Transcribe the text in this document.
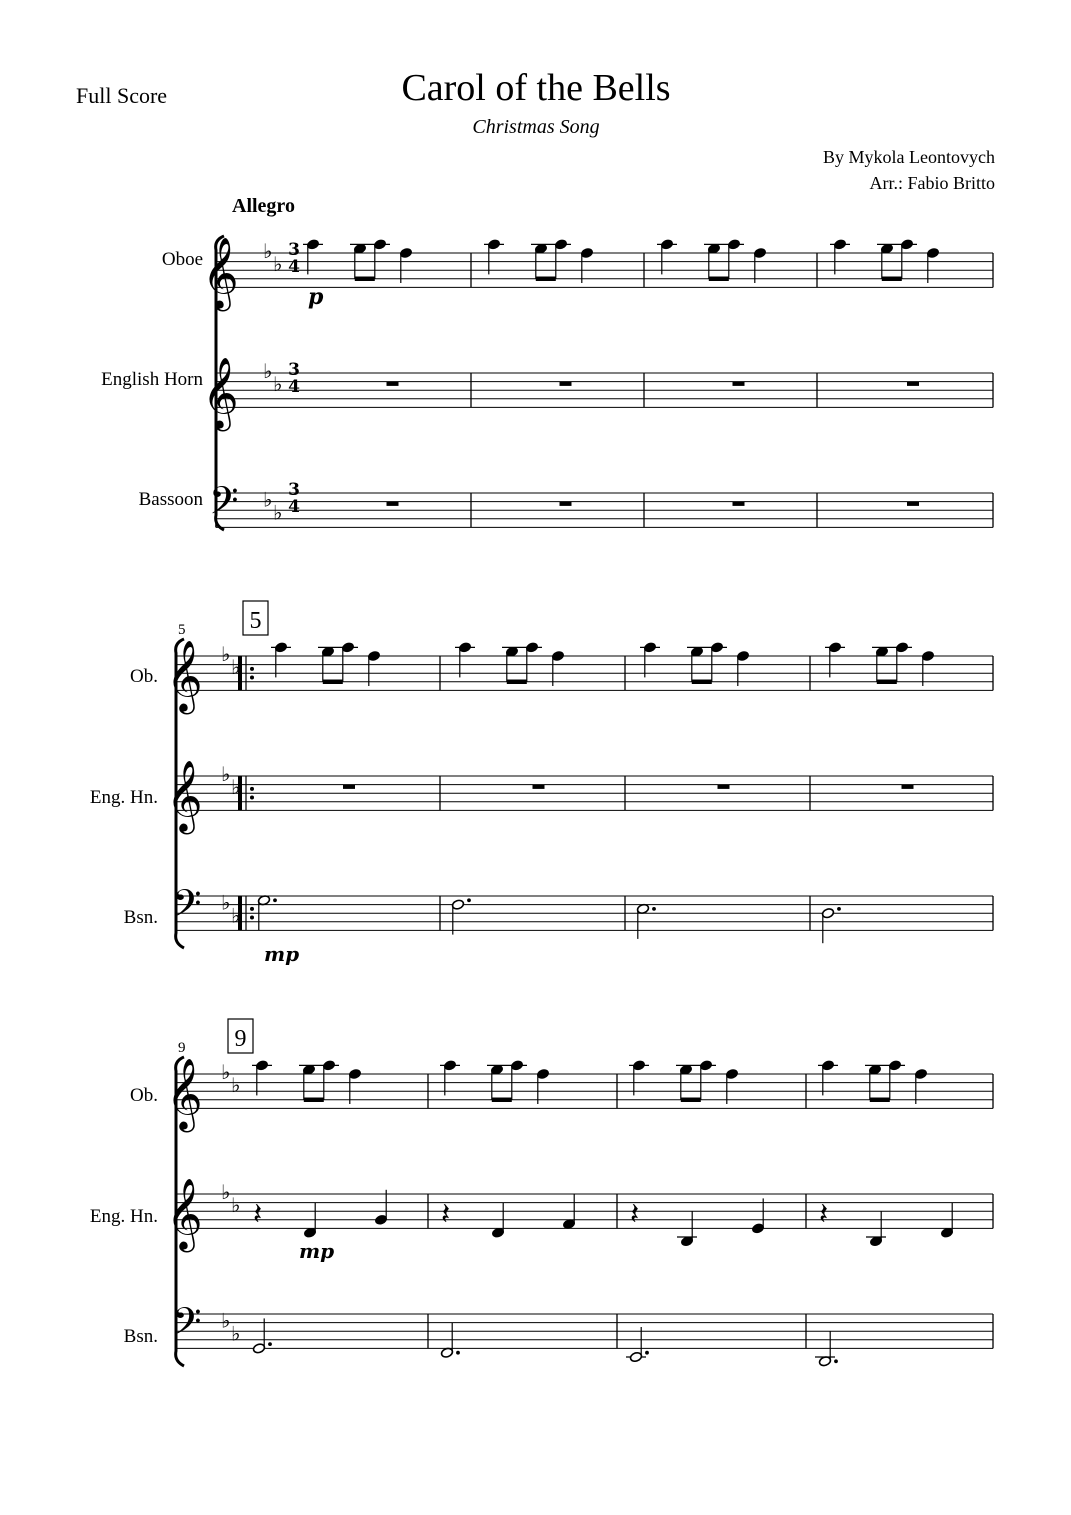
Full Score	Carol of the Bells
Christmas Song
By Mykola Leontovych
Arr.: Fabio Britto
Allegro
Oboe
English Horn
Bassoon
Ob.
Eng. Hn.
Bsn.
Ob.
Eng. Hn.
Bsn.
5	5
9 9
p
mp
mp
3
4
3
4
3
4
𝄞 ♭
♭
𝄞 ♭
♭
𝄢 ♭
♭
𝄞 ♭
♭
𝄞 ♭
♭
𝄢 ♭
♭
𝄞 ♭
♭
𝄞 ♭
♭
𝄢 ♭
♭
𝄽	𝄽	𝄽	𝄽
